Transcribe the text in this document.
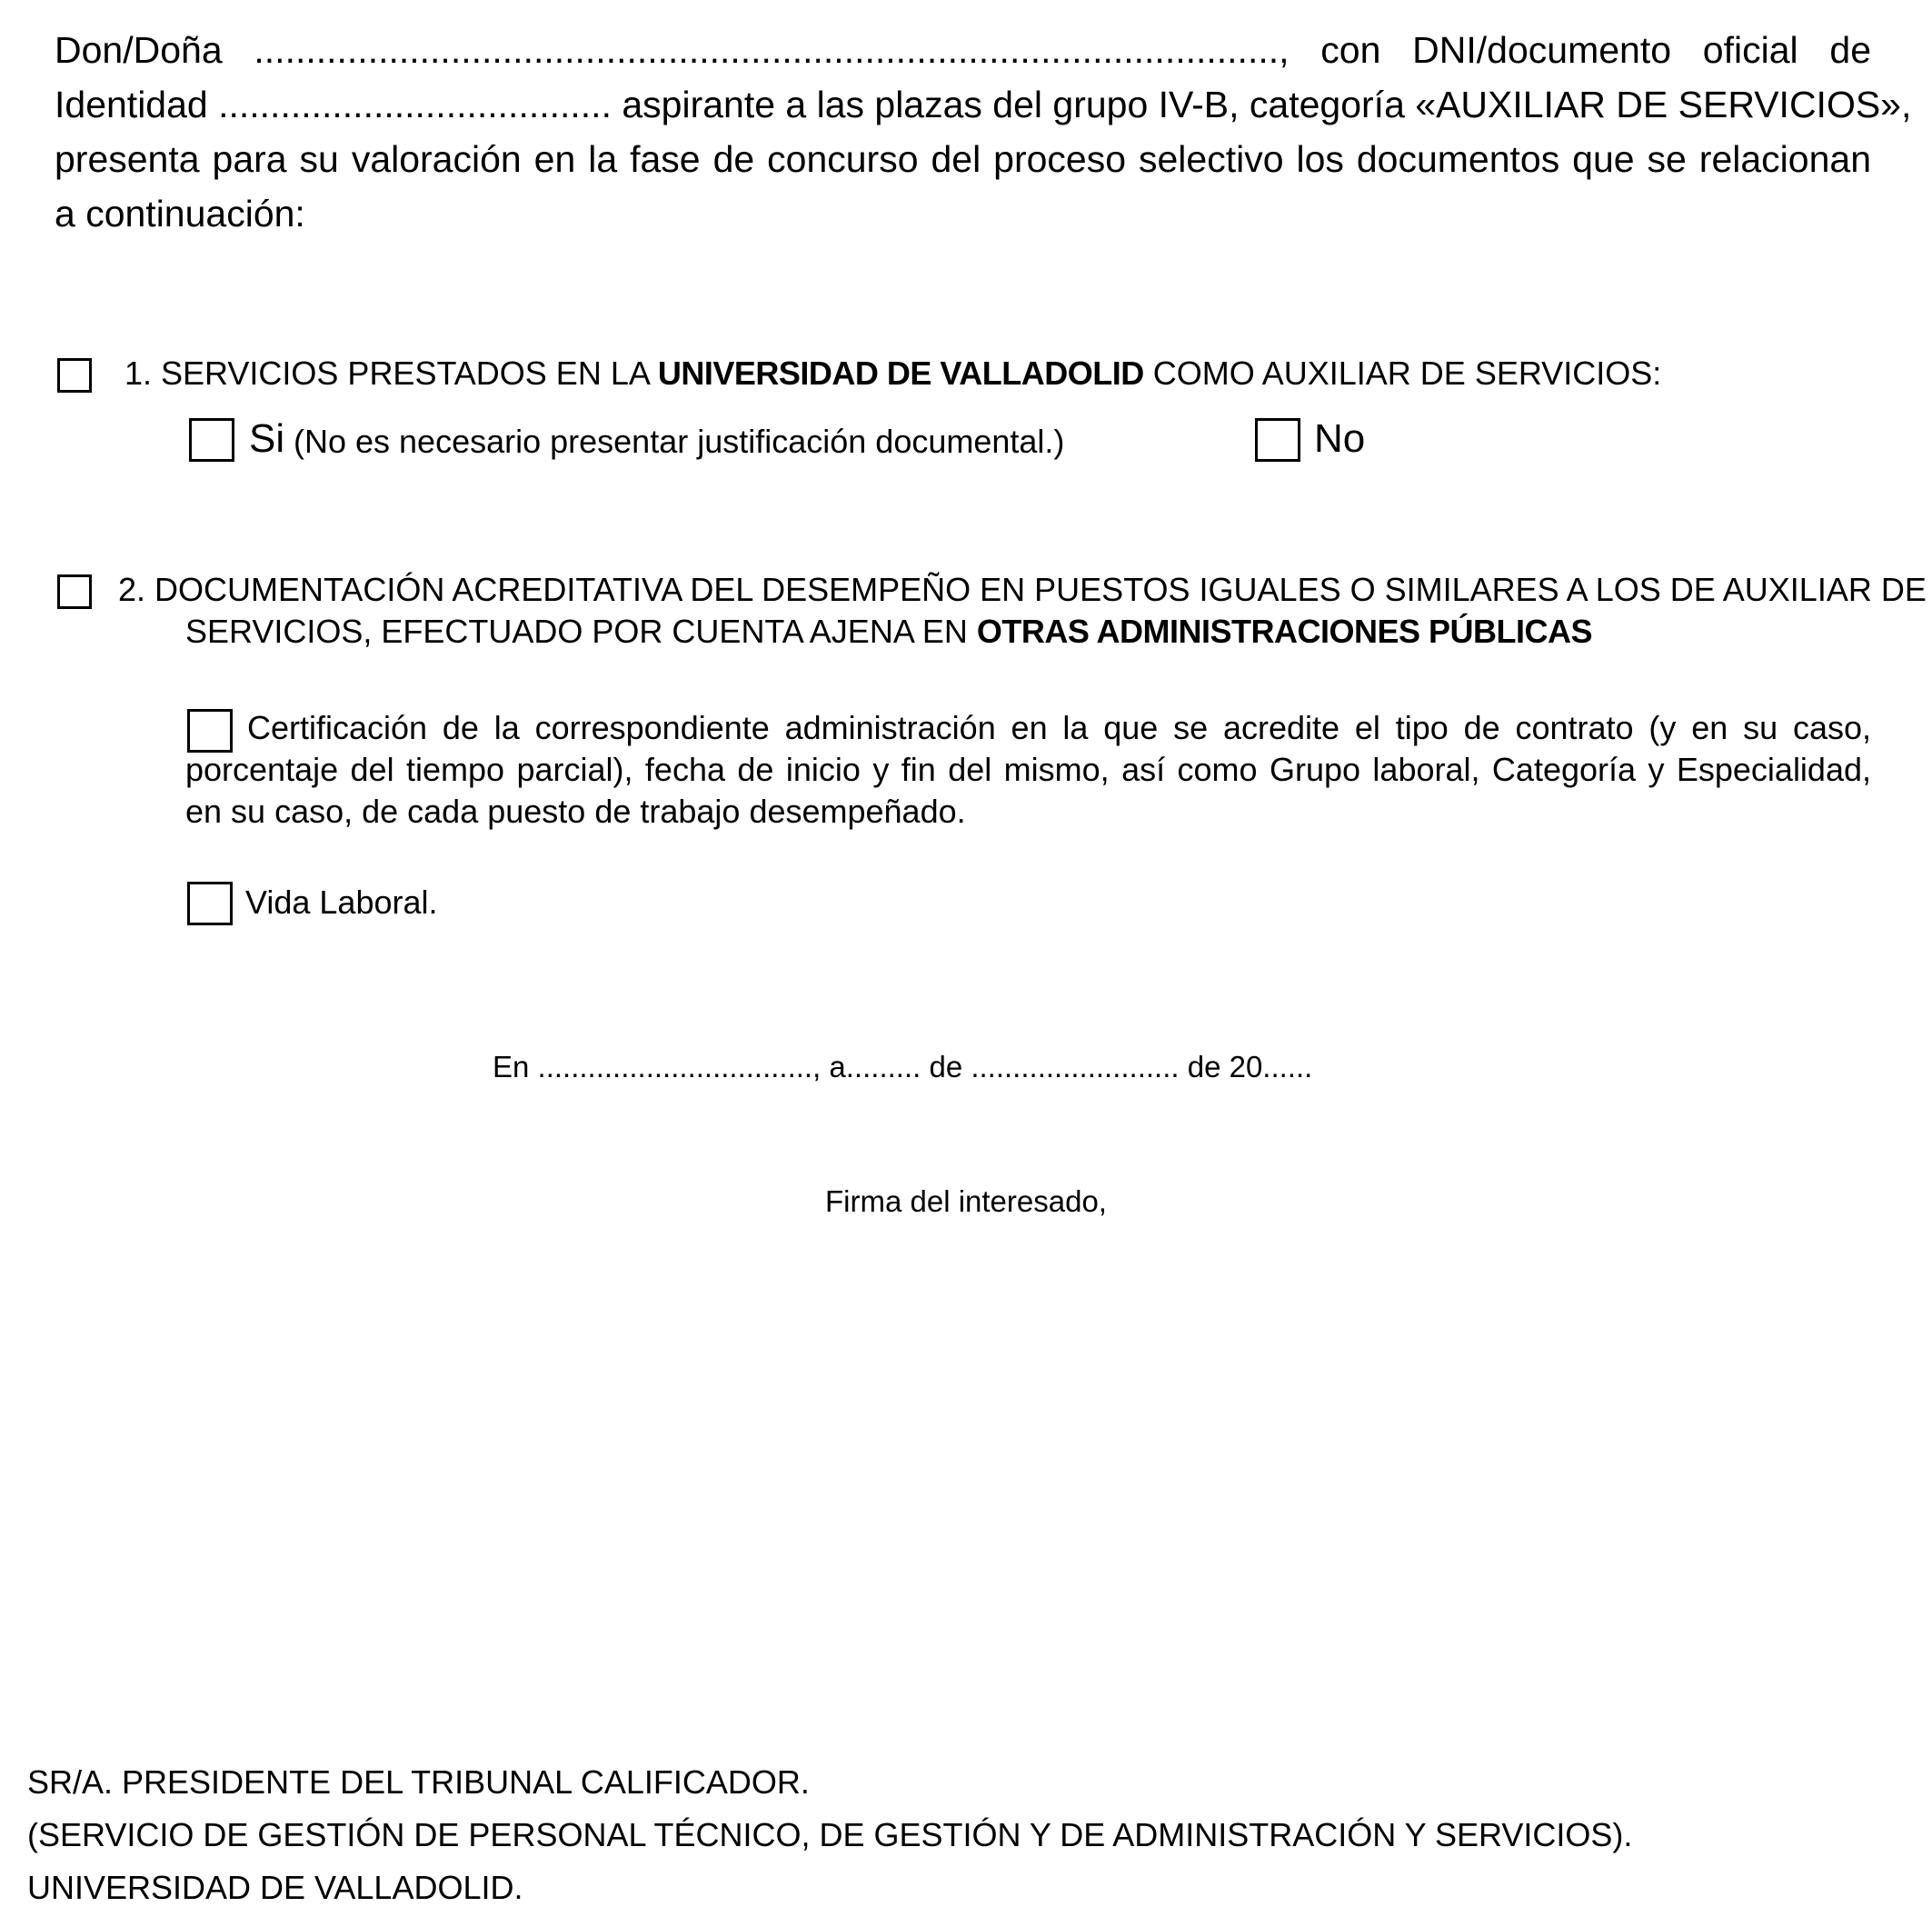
Don/Doña ..................................................................................................., con DNI/documento oficial de
Identidad ...................................... aspirante a las plazas del grupo IV-B, categoría «AUXILIAR DE SERVICIOS»,
presenta para su valoración en la fase de concurso del proceso selectivo los documentos que se relacionan
a continuación:
1. SERVICIOS PRESTADOS EN LA UNIVERSIDAD DE VALLADOLID COMO AUXILIAR DE SERVICIOS:
Si (No es necesario presentar justificación documental.)	No
2. DOCUMENTACIÓN ACREDITATIVA DEL DESEMPEÑO EN PUESTOS IGUALES O SIMILARES A LOS DE AUXILIAR DE
SERVICIOS, EFECTUADO POR CUENTA AJENA EN OTRAS ADMINISTRACIONES PÚBLICAS
Certificación de la correspondiente administración en la que se acredite el tipo de contrato (y en su caso,
porcentaje del tiempo parcial), fecha de inicio y fin del mismo, así como Grupo laboral, Categoría y Especialidad,
en su caso, de cada puesto de trabajo desempeñado.
Vida Laboral.
En ................................., a......... de ......................... de 20......
Firma del interesado,
SR/A. PRESIDENTE DEL TRIBUNAL CALIFICADOR.
(SERVICIO DE GESTIÓN DE PERSONAL TÉCNICO, DE GESTIÓN Y DE ADMINISTRACIÓN Y SERVICIOS).
UNIVERSIDAD DE VALLADOLID.
